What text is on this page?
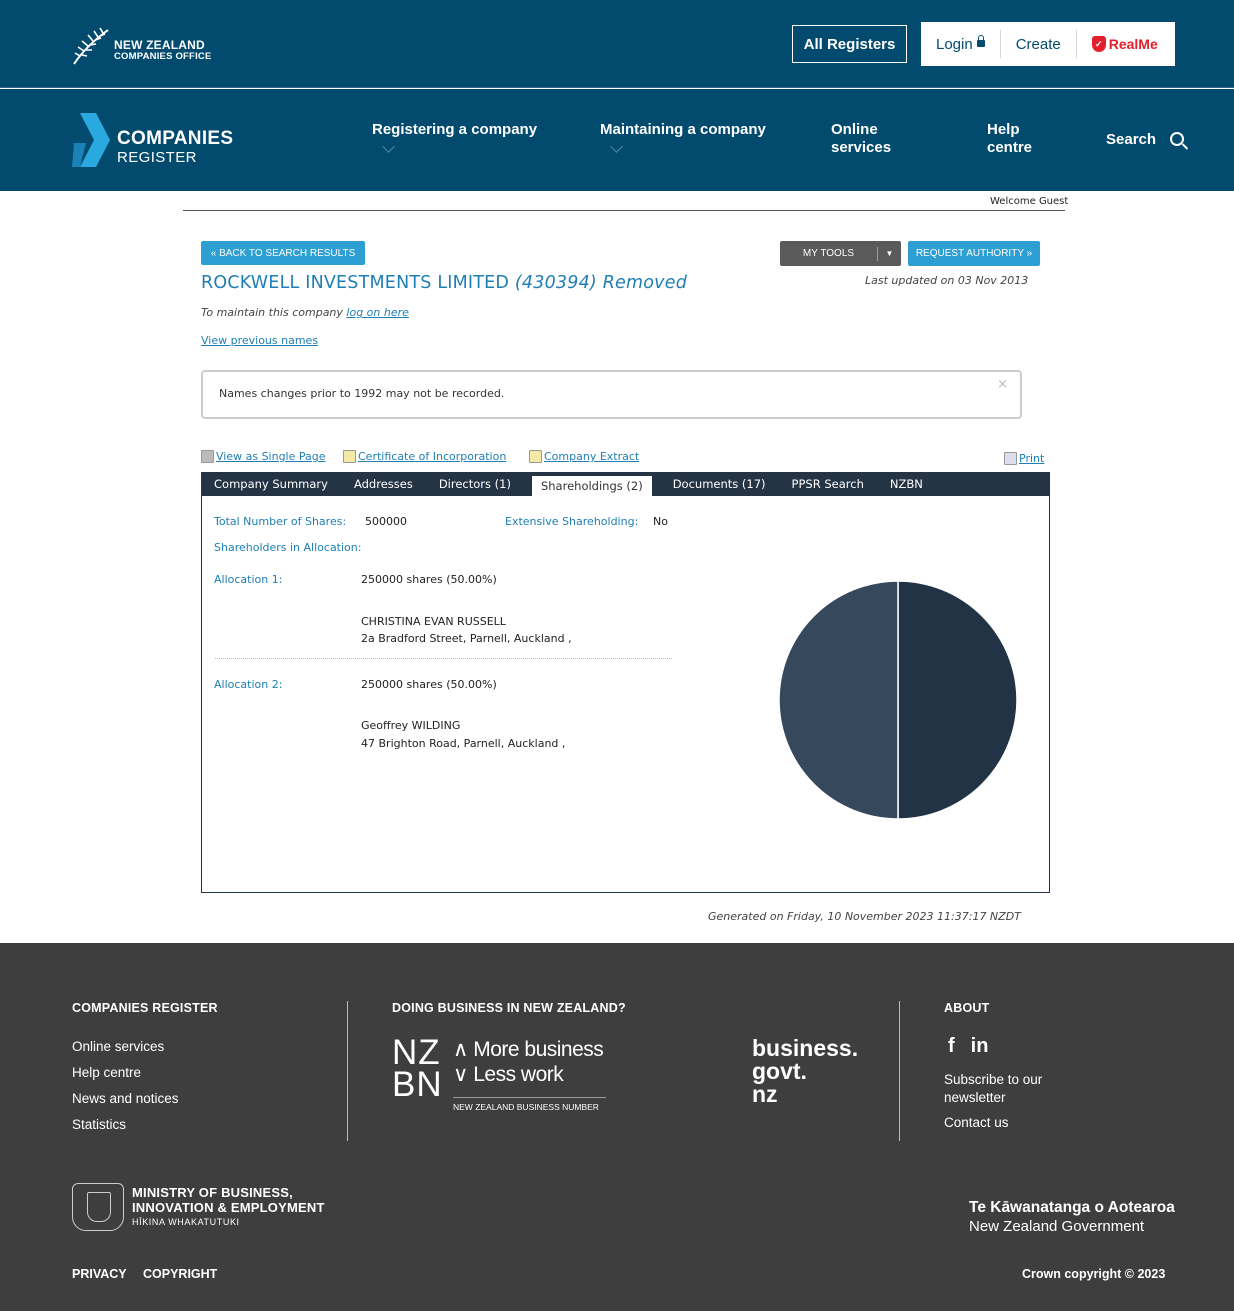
NEW ZEALAND
COMPANIES OFFICE
All Registers	Login	Create	✓ RealMe
COMPANIES
REGISTER
Registering a company	Maintaining a company	Online
services
Help
centre	Search
Welcome Guest
« BACK TO SEARCH RESULTS	MY TOOLS	▼	REQUEST AUTHORITY »
ROCKWELL INVESTMENTS LIMITED (430394) Removed	Last updated on 03 Nov 2013
To maintain this company log on here
View previous names
Names changes prior to 1992 may not be recorded.
×
View as Single Page	Certificate of Incorporation	Company Extract	Print
Company Summary	Addresses	Directors (1)	Shareholdings (2)	Documents (17)	PPSR Search	NZBN
Total Number of Shares: 500000	Extensive Shareholding: No
Shareholders in Allocation:
Allocation 1:	250000 shares (50.00%)
CHRISTINA EVAN RUSSELL
2a Bradford Street, Parnell, Auckland ,
Allocation 2:	250000 shares (50.00%)
Geoffrey WILDING
47 Brighton Road, Parnell, Auckland ,
Generated on Friday, 10 November 2023 11:37:17 NZDT
COMPANIES REGISTER
Online services
Help centre
News and notices
Statistics
DOING BUSINESS IN NEW ZEALAND?
NZ
BN
∧ More business
∨ Less work
NEW ZEALAND BUSINESS NUMBER
business.
govt.
nz
ABOUT
f in
Subscribe to our
newsletter
Contact us
MINISTRY OF BUSINESS,
INNOVATION & EMPLOYMENT
HĪKINA WHAKATUTUKI
Te Kāwanatanga o Aotearoa
New Zealand Government
PRIVACY COPYRIGHT	Crown copyright © 2023
